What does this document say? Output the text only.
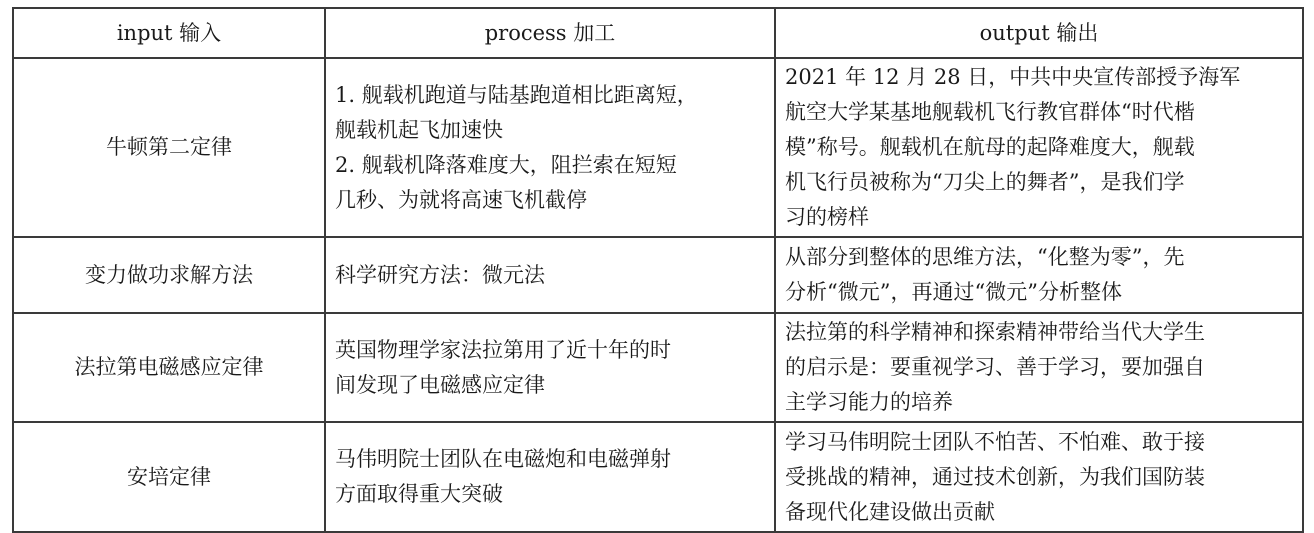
input 输入	process 加工	output 输出
牛顿第二定律	1. 舰载机跑道与陆基跑道相比距离短，
舰载机起飞加速快
2. 舰载机降落难度大，阻拦索在短短
几秒、为就将高速飞机截停	2021 年 12 月 28 日，中共中央宣传部授予海军
航空大学某基地舰载机飞行教官群体“时代楷
模”称号。舰载机在航母的起降难度大，舰载
机飞行员被称为“刀尖上的舞者”，是我们学
习的榜样

变力做功求解方法	科学研究方法：微元法	从部分到整体的思维方法，“化整为零”，先
分析“微元”，再通过“微元”分析整体

法拉第电磁感应定律	英国物理学家法拉第用了近十年的时
间发现了电磁感应定律	法拉第的科学精神和探索精神带给当代大学生
的启示是：要重视学习、善于学习，要加强自
主学习能力的培养

安培定律	马伟明院士团队在电磁炮和电磁弹射
方面取得重大突破	学习马伟明院士团队不怕苦、不怕难、敢于接
受挑战的精神，通过技术创新，为我们国防装
备现代化建设做出贡献
